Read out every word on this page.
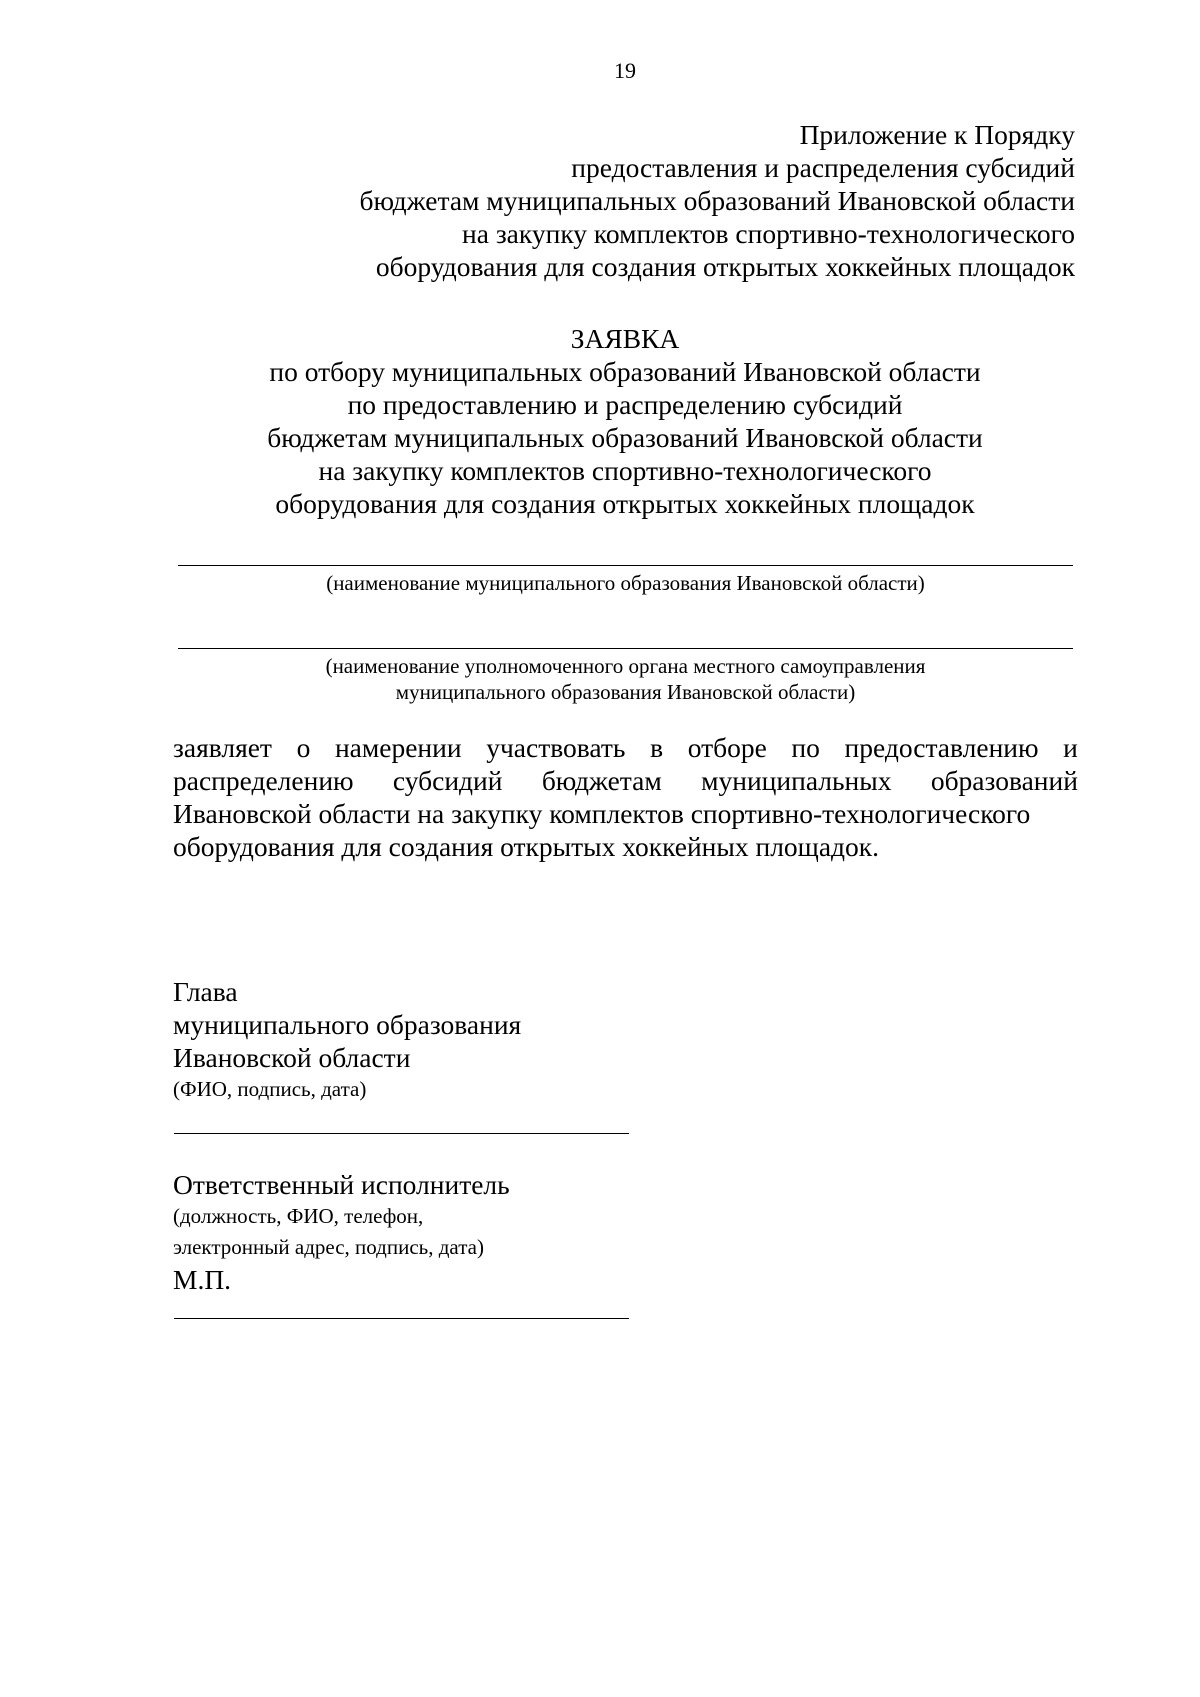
19
Приложение к Порядку
предоставления и распределения субсидий
бюджетам муниципальных образований Ивановской области
на закупку комплектов спортивно-технологического
оборудования для создания открытых хоккейных площадок
ЗАЯВКА
по отбору муниципальных образований Ивановской области
по предоставлению и распределению субсидий
бюджетам муниципальных образований Ивановской области
на закупку комплектов спортивно-технологического
оборудования для создания открытых хоккейных площадок
(наименование муниципального образования Ивановской области)
(наименование уполномоченного органа местного самоуправления
муниципального образования Ивановской области)
заявляет о намерении участвовать в отборе по предоставлению и
распределению субсидий бюджетам муниципальных образований
Ивановской области на закупку комплектов спортивно-технологического
оборудования для создания открытых хоккейных площадок.
Глава
муниципального образования
Ивановской области
(ФИО, подпись, дата)
Ответственный исполнитель
(должность, ФИО, телефон,
электронный адрес, подпись, дата)
М.П.
